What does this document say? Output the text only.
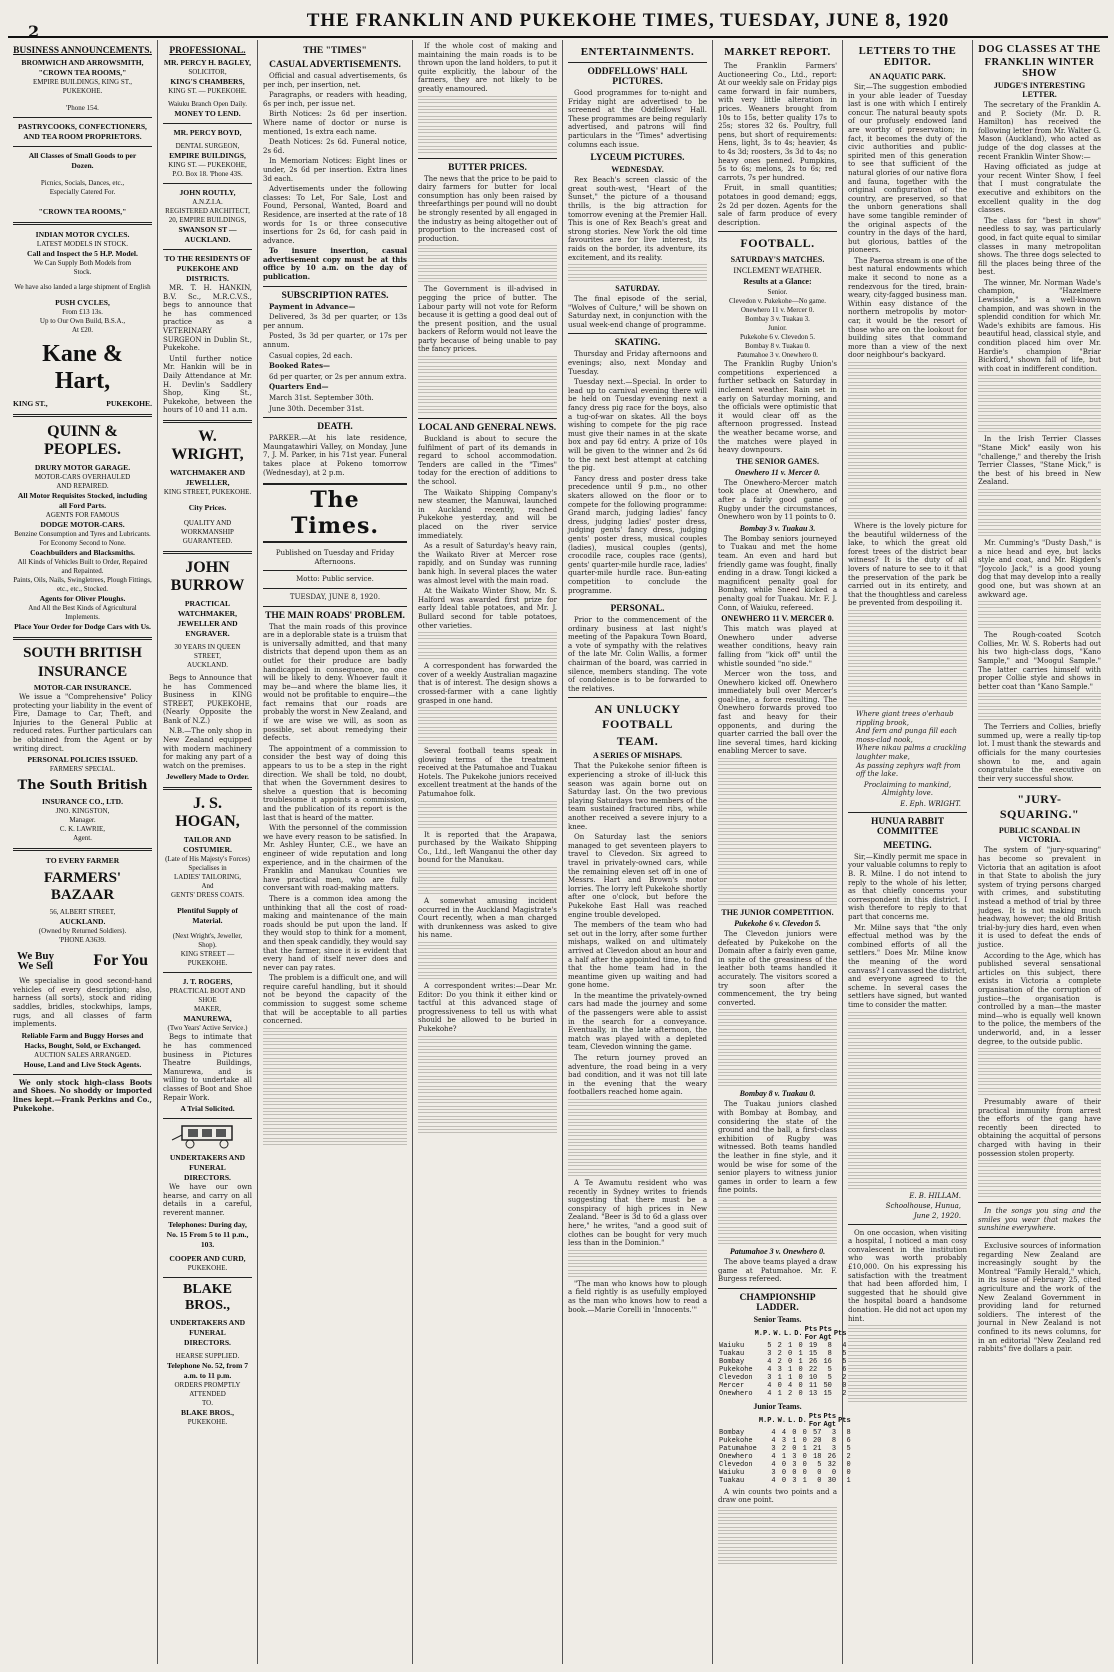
2
THE FRANKLIN AND PUKEKOHE TIMES, TUESDAY, JUNE 8, 1920
BUSINESS ANNOUNCEMENTS.
BROMWICH AND ARROWSMITH,
"CROWN TEA ROOMS,"
EMPIRE BUILDINGS, KING ST.,
PUKEKOHE.
'Phone 154.
PASTRYCOOKS, CONFECTIONERS,
AND TEA ROOM PROPRIETORS.
All Classes of Small Goods to per
Dozen.
Picnics, Socials, Dances, etc.,
Especially Catered For.
"CROWN TEA ROOMS,"
INDIAN MOTOR CYCLES.
LATEST MODELS IN STOCK.
Call and Inspect the 5 H.P. Model.
We Can Supply Both Models from
Stock.
We have also landed a large shipment of English
PUSH CYCLES,
From £13 13s.
Up to Our Own Build, B.S.A.,
At £20.
Kane & Hart,
KING ST.,	PUKEKOHE.
QUINN & PEOPLES.
DRURY MOTOR GARAGE.
MOTOR-CARS OVERHAULED
AND REPAIRED.
All Motor Requisites Stocked, including all Ford Parts.
AGENTS FOR FAMOUS
DODGE MOTOR-CARS.
Benzine Consumption and Tyres and Lubricants. For Economy Second to None.
Coachbuilders and Blacksmiths.
All Kinds of Vehicles Built to Order, Repaired and Repainted.
Paints, Oils, Nails, Swingletrees, Plough Fittings, etc., etc., Stocked.
Agents for Oliver Ploughs.
And All the Best Kinds of Agricultural Implements.
Place Your Order for Dodge Cars with Us.
SOUTH BRITISH
INSURANCE
MOTOR-CAR INSURANCE.
We issue a "Comprehensive" Policy protecting your liability in the event of Fire, Damage to Car, Theft, and Injuries to the General Public at reduced rates. Further particulars can be obtained from the Agent or by writing direct.
PERSONAL POLICIES ISSUED.
FARMERS' SPECIAL.
The South British
INSURANCE CO., LTD.
JNO. KINGSTON,
Manager.
C. K. LAWRIE,
Agent.
TO EVERY FARMER
FARMERS' BAZAAR
56, ALBERT STREET,
AUCKLAND.
(Owned by Returned Soldiers).
'PHONE A3639.
We Buy
We Sell	For You
We specialise in good second-hand vehicles of every description; also, harness (all sorts), stock and riding saddles, bridles, stockwhips, lamps, rugs, and all classes of farm implements.
Reliable Farm and Buggy Horses and Hacks, Bought, Sold, or Exchanged.
AUCTION SALES ARRANGED.
House, Land and Live Stock Agents.
We only stock high-class Boots and Shoes. No shoddy or imported lines kept.—Frank Perkins and Co., Pukekohe.
PROFESSIONAL.
MR. PERCY H. BAGLEY,
SOLICITOR,
KING'S CHAMBERS,
KING ST. — PUKEKOHE.
Waiuku Branch Open Daily.
MONEY TO LEND.
MR. PERCY BOYD,
DENTAL SURGEON,
EMPIRE BUILDINGS,
KING ST. — PUKEKOHE,
P.O. Box 18. 'Phone 43S.
JOHN ROUTLY,
A.N.Z.I.A.
REGISTERED ARCHITECT,
20, EMPIRE BUILDINGS,
SWANSON ST — AUCKLAND.
TO THE RESIDENTS OF PUKEKOHE AND DISTRICTS.
MR. T. H. HANKIN, B.V. Sc., M.R.C.V.S., begs to announce that he has commenced practice as a VETERINARY SURGEON in Dublin St., Pukekohe.
Until further notice Mr. Hankin will be in Daily Attendance at Mr. H. Devlin's Saddlery Shop, King St., Pukekohe, between the hours of 10 and 11 a.m.
W. WRIGHT,
WATCHMAKER AND JEWELLER,
KING STREET, PUKEKOHE.
City Prices.
QUALITY AND WORKMANSHIP
GUARANTEED.
JOHN BURROW
PRACTICAL WATCHMAKER,
JEWELLER AND ENGRAVER.
30 YEARS IN QUEEN STREET,
AUCKLAND.
Begs to Announce that he has Commenced Business in KING STREET, PUKEKOHE, (Nearly Opposite the Bank of N.Z.)
N.B.—The only shop in New Zealand equipped with modern machinery for making any part of a watch on the premises.
Jewellery Made to Order.
J. S. HOGAN,
TAILOR AND COSTUMIER.
(Late of His Majesty's Forces)
Specialises in
LADIES' TAILORING,
And
GENTS' DRESS COATS.
Plentiful Supply of Material.
(Next Wright's, Jeweller, Shop).
KING STREET — PUKEKOHE.
J. T. ROGERS,
PRACTICAL BOOT AND SHOE
MAKER,
MANUREWA,
(Two Years' Active Service.)
Begs to intimate that he has commenced business in Pictures Theatre Buildings, Manurewa, and is willing to undertake all classes of Boot and Shoe Repair Work.
A Trial Solicited.
UNDERTAKERS AND FUNERAL
DIRECTORS.
We have our own hearse, and carry on all details in a careful, reverent manner.
Telephones: During day, No. 15 From 5 to 11 p.m., 103.
COOPER AND CURD,
PUKEKOHE.
BLAKE BROS.,
UNDERTAKERS AND FUNERAL
DIRECTORS.
HEARSE SUPPLIED.
Telephone No. 52, from 7 a.m. to 11 p.m.
ORDERS PROMPTLY ATTENDED
TO.
BLAKE BROS.,
PUKEKOHE.
THE "TIMES"
CASUAL ADVERTISEMENTS.
Official and casual advertisements, 6s per inch, per insertion, net.
Paragraphs, or readers with heading, 6s per inch, per issue net.
Birth Notices: 2s 6d per insertion. Where name of doctor or nurse is mentioned, 1s extra each name.
Death Notices: 2s 6d. Funeral notice, 2s 6d.
In Memoriam Notices: Eight lines or under, 2s 6d per insertion. Extra lines 3d each.
Advertisements under the following classes: To Let, For Sale, Lost and Found, Personal, Wanted, Board and Residence, are inserted at the rate of 18 words for 1s or three consecutive insertions for 2s 6d, for cash paid in advance.
To insure insertion, casual advertisement copy must be at this office by 10 a.m. on the day of publication.
SUBSCRIPTION RATES.
Payment in Advance—
Delivered, 3s 3d per quarter, or 13s per annum.
Posted, 3s 3d per quarter, or 17s per annum.
Casual copies, 2d each.
Booked Rates—
6d per quarter, or 2s per annum extra.
Quarters End—
March 31st. September 30th.
June 30th. December 31st.
DEATH.
PARKER.—At his late residence, Maungatawhiri Valley, on Monday, June 7, J. M. Parker, in his 71st year. Funeral takes place at Pokeno tomorrow (Wednesday), at 2 p.m.
The Times.
Published on Tuesday and Friday Afternoons.
Motto: Public service.
TUESDAY, JUNE 8, 1920.
THE MAIN ROADS' PROBLEM.
That the main roads of this province are in a deplorable state is a truism that is universally admitted, and that many districts that depend upon them as an outlet for their produce are badly handicapped in consequence, no one will be likely to deny. Whoever fault it may be—and where the blame lies, it would not be profitable to enquire—the fact remains that our roads are probably the worst in New Zealand, and if we are wise we will, as soon as possible, set about remedying their defects.
The appointment of a commission to consider the best way of doing this appears to us to be a step in the right direction. We shall be told, no doubt, that when the Government desires to shelve a question that is becoming troublesome it appoints a commission, and the publication of its report is the last that is heard of the matter.
With the personnel of the commission we have every reason to be satisfied. In Mr. Ashley Hunter, C.E., we have an engineer of wide reputation and long experience, and in the chairmen of the Franklin and Manukau Counties we have practical men, who are fully conversant with road-making matters.
There is a common idea among the unthinking that all the cost of road-making and maintenance of the main roads should be put upon the land. If they would stop to think for a moment, and then speak candidly, they would say that the farmer, since it is evident that every hand of itself never does and never can pay rates.
The problem is a difficult one, and will require careful handling, but it should not be beyond the capacity of the commission to suggest some scheme that will be acceptable to all parties concerned.
If the whole cost of making and maintaining the main roads is to be thrown upon the land holders, to put it quite explicitly, the labour of the farmers, they are not likely to be greatly enamoured.
BUTTER PRICES.
The news that the price to be paid to dairy farmers for butter for local consumption has only been raised by threefarthings per pound will no doubt be strongly resented by all engaged in the industry as being altogether out of proportion to the increased cost of production.
The Government is ill-advised in pegging the price of butter. The Labour party will not vote for Reform because it is getting a good deal out of the present position, and the usual backers of Reform would not leave the party because of being unable to pay the fancy prices.
LOCAL AND GENERAL NEWS.
Buckland is about to secure the fulfilment of part of its demands in regard to school accommodation. Tenders are called in the "Times" today for the erection of additions to the school.
The Waikato Shipping Company's new steamer, the Manuwai, launched in Auckland recently, reached Pukekohe yesterday, and will be placed on the river service immediately.
As a result of Saturday's heavy rain, the Waikato River at Mercer rose rapidly, and on Sunday was running bank high. In several places the water was almost level with the main road.
At the Waikato Winter Show, Mr. S. Halford was awarded first prize for early Ideal table potatoes, and Mr. J. Bullard second for table potatoes, other varieties.
A correspondent has forwarded the cover of a weekly Australian magazine that is of interest. The design shows a crossed-farmer with a cane lightly grasped in one hand.
Several football teams speak in glowing terms of the treatment received at the Patumahoe and Tuakau Hotels. The Pukekohe juniors received excellent treatment at the hands of the Patumahoe folk.
It is reported that the Arapawa, purchased by the Waikato Shipping Co., Ltd., left Wanganui the other day bound for the Manukau.
A somewhat amusing incident occurred in the Auckland Magistrate's Court recently, when a man charged with drunkenness was asked to give his name.
A correspondent writes:—Dear Mr. Editor: Do you think it either kind or tactful at this advanced stage of progressiveness to tell us with what should be allowed to be buried in Pukekohe?
ENTERTAINMENTS.
ODDFELLOWS' HALL PICTURES.
Good programmes for to-night and Friday night are advertised to be screened at the Oddfellows' Hall. These programmes are being regularly advertised, and patrons will find particulars in the "Times" advertising columns each issue.
LYCEUM PICTURES.
WEDNESDAY.
Rex Beach's screen classic of the great south-west, "Heart of the Sunset," the picture of a thousand thrills, is the big attraction for tomorrow evening at the Premier Hall. This is one of Rex Beach's great and strong stories. New York the old time favourites are for live interest, its raids on the border, its adventure, its excitement, and its reality.
SATURDAY.
The final episode of the serial, "Wolves of Culture," will be shown on Saturday next, in conjunction with the usual week-end change of programme.
SKATING.
Thursday and Friday afternoons and evenings; also, next Monday and Tuesday.
Tuesday next.—Special. In order to lead up to carnival evening there will be held on Tuesday evening next a fancy dress pig race for the boys, also a tug-of-war on skates. All the boys wishing to compete for the pig race must give their names in at the skate box and pay 6d entry. A prize of 10s will be given to the winner and 2s 6d to the next best attempt at catching the pig.
Fancy dress and poster dress take precedence until 9 p.m., no other skaters allowed on the floor or to compete for the following programme: Grand march, judging ladies' fancy dress, judging ladies' poster dress, judging gents' fancy dress, judging gents' poster dress, musical couples (ladies), musical couples (gents), crocodile race, couples race (gents), gents' quarter-mile hurdle race, ladies' quarter-mile hurdle race. Bun-eating competition to conclude the programme.
PERSONAL.
Prior to the commencement of the ordinary business at last night's meeting of the Papakura Town Board, a vote of sympathy with the relatives of the late Mr. Colin Wallis, a former chairman of the board, was carried in silence, members standing. The vote of condolence is to be forwarded to the relatives.
AN UNLUCKY FOOTBALL
TEAM.
A SERIES OF MISHAPS.
That the Pukekohe senior fifteen is experiencing a stroke of ill-luck this season was again borne out on Saturday last. On the two previous playing Saturdays two members of the team sustained fractured ribs, while another received a severe injury to a knee.
On Saturday last the seniors managed to get seventeen players to travel to Clevedon. Six agreed to travel in privately-owned cars, while the remaining eleven set off in one of Messrs. Hart and Brown's motor lorries. The lorry left Pukekohe shortly after one o'clock, but before the Pukekohe East Hall was reached engine trouble developed.
The members of the team who had set out in the lorry, after some further mishaps, walked on and ultimately arrived at Clevedon about an hour and a half after the appointed time, to find that the home team had in the meantime given up waiting and had gone home.
In the meantime the privately-owned cars had made the journey and some of the passengers were able to assist in the search for a conveyance. Eventually, in the late afternoon, the match was played with a depleted team, Clevedon winning the game.
The return journey proved an adventure, the road being in a very bad condition, and it was not till late in the evening that the weary footballers reached home again.
A Te Awamutu resident who was recently in Sydney writes to friends suggesting that there must be a conspiracy of high prices in New Zealand. "Beer is 3d to 6d a glass over here," he writes, "and a good suit of clothes can be bought for very much less than in the Dominion."
"The man who knows how to plough a field rightly is as usefully employed as the man who knows how to read a book.—Marie Corelli in 'Innocents.'"
MARKET REPORT.
The Franklin Farmers' Auctioneering Co., Ltd., report: At our weekly sale on Friday pigs came forward in fair numbers, with very little alteration in prices. Weaners brought from 10s to 15s, better quality 17s to 25s; stores 32 6s. Poultry, full pens, but short of requirements: Hens, light, 3s to 4s; heavier, 4s to 4s 3d; roosters, 3s 3d to 4s; no heavy ones penned. Pumpkins, 5s to 6s; melons, 2s to 6s; red carrots, 7s per hundred.
Fruit, in small quantities; potatoes in good demand; eggs, 2s 2d per dozen. Agents for the sale of farm produce of every description.
FOOTBALL.
SATURDAY'S MATCHES.
INCLEMENT WEATHER.
Results at a Glance:
Senior.
Clevedon v. Pukekohe—No game.
Onewhero 11 v. Mercer 0.
Bombay 3 v. Tuakau 3.
Junior.
Pukekohe 6 v. Clevedon 5.
Bombay 8 v. Tuakau 0.
Patumahoe 3 v. Onewhero 0.
The Franklin Rugby Union's competitions experienced a further setback on Saturday in inclement weather. Rain set in early on Saturday morning, and the officials were optimistic that it would clear off as the afternoon progressed. Instead the weather became worse, and the matches were played in heavy downpours.
THE SENIOR GAMES.
Onewhero 11 v. Mercer 0.
The Onewhero-Mercer match took place at Onewhero, and after a fairly good game of Rugby under the circumstances, Onewhero won by 11 points to 0.
Bombay 3 v. Tuakau 3.
The Bombay seniors journeyed to Tuakau and met the home team. An even and hard but friendly game was fought, finally ending in a draw. Tongi kicked a magnificent penalty goal for Bombay, while Sneed kicked a penalty goal for Tuakau. Mr. F. J. Conn, of Waiuku, refereed.
ONEWHERO 11 V. MERCER 0.
This match was played at Onewhero under adverse weather conditions, heavy rain falling from "kick off" until the whistle sounded "no side."
Mercer won the toss, and Onewhero kicked off. Onewhero immediately bull over Mercer's goal-line, a force resulting. The Onewhero forwards proved too fast and heavy for their opponents, and during the quarter carried the ball over the line several times, hard kicking enabling Mercer to save.
THE JUNIOR COMPETITION.
Pukekohe 6 v. Clevedon 5.
The Clevedon juniors were defeated by Pukekohe on the Domain after a fairly even game, in spite of the greasiness of the leather both teams handled it accurately. The visitors scored a try soon after the commencement, the try being converted.
Bombay 8 v. Tuakau 0.
The Tuakau juniors clashed with Bombay at Bombay, and considering the state of the ground and the ball, a first-class exhibition of Rugby was witnessed. Both teams handled the leather in fine style, and it would be wise for some of the senior players to witness junior games in order to learn a few fine points.
Patumahoe 3 v. Onewhero 0.
The above teams played a draw game at Patumahoe. Mr. F. Burgess refereed.
CHAMPIONSHIP LADDER.
Senior Teams.
	M.P.	W.	L.	D.	Pts For	Pts Agt	Pts
Waiuku	5	2	1	0	19	8	4
Tuakau	3	2	0	1	15	8	5
Bombay	4	2	0	1	26	16	5
Pukekohe	4	3	1	0	22	5	6
Clevedon	3	1	1	0	10	5	2
Mercer	4	0	4	0	11	50	0
Onewhero	4	1	2	0	13	15	2
Junior Teams.
	M.P.	W.	L.	D.	Pts For	Pts Agt	Pts
Bombay	4	4	0	0	57	3	8
Pukekohe	4	3	1	0	20	8	6
Patumahoe	3	2	0	1	21	3	5
Onewhero	4	1	3	0	18	26	2
Clevedon	4	0	3	0	5	32	0
Waiuku	3	0	0	0	0	0	0
Tuakau	4	0	3	1	0	30	1
A win counts two points and a draw one point.
LETTERS TO THE EDITOR.
AN AQUATIC PARK.
Sir,—The suggestion embodied in your able leader of Tuesday last is one with which I entirely concur. The natural beauty spots of our profusely endowed land are worthy of preservation; in fact, it becomes the duty of the civic authorities and public-spirited men of this generation to see that sufficient of the natural glories of our native flora and fauna, together with the original configuration of the country, are preserved, so that the unborn generations shall have some tangible reminder of the original aspects of the country in the days of the hard, but glorious, battles of the pioneers.
The Paeroa stream is one of the best natural endowments which make it second to none as a rendezvous for the tired, brain-weary, city-fagged business man. Within easy distance of the northern metropolis by motor-car, it would be the resort of those who are on the lookout for building sites that command more than a view of the next door neighbour's backyard.
Where is the lovely picture for the beautiful wilderness of the lake, to which the great old forest trees of the district bear witness? It is the duty of all lovers of nature to see to it that the preservation of the park be carried out in its entirety, and that the thoughtless and careless be prevented from despoiling it.
Where giant trees o'erhaub rippling brook,
And fern and punga fill each moss-clad nook,
Where nikau palms a crackling laughter make,
As passing zephyrs waft from off the lake.
Proclaiming to mankind, Almighty love.
E. Eph. WRIGHT.
HUNUA RABBIT COMMITTEE
MEETING.
Sir,—Kindly permit me space in your valuable columns to reply to B. R. Milne. I do not intend to reply to the whole of his letter, as that chiefly concerns your correspondent in this district. I wish therefore to reply to that part that concerns me.
Mr. Milne says that "the only effectual method was by the combined efforts of all the settlers." Does Mr. Milne know the meaning of the word canvass? I canvassed the district, and everyone agreed to the scheme. In several cases the settlers have signed, but wanted time to consider the matter.
E. B. HILLAM.
Schoolhouse, Hunua,
June 2, 1920.
On one occasion, when visiting a hospital, I noticed a man cosy convalescent in the institution who was worth probably £10,000. On his expressing his satisfaction with the treatment that had been afforded him, I suggested that he should give the hospital board a handsome donation. He did not act upon my hint.
DOG CLASSES AT THE
FRANKLIN WINTER SHOW
JUDGE'S INTERESTING LETTER.
The secretary of the Franklin A. and P. Society (Mr. D. R. Hamilton) has received the following letter from Mr. Walter G. Mason (Auckland), who acted as judge of the dog classes at the recent Franklin Winter Show:—
Having officiated as judge at your recent Winter Show, I feel that I must congratulate the executive and exhibitors on the excellent quality in the dog classes.
The class for "best in show" needless to say, was particularly good, in fact quite equal to similar classes in many metropolitan shows. The three dogs selected to fill the places being three of the best.
The winner, Mr. Norman Wade's champion, "Hazelmere Lewisside," is a well-known champion, and was shown in the splendid condition for which Mr. Wade's exhibits are famous. His beautiful head, classical style, and condition placed him over Mr. Hardie's champion "Briar Bickford," shown fall of life, but with coat in indifferent condition.
In the Irish Terrier Classes "Stane Mick" easily won his "challenge," and thereby the Irish Terrier Classes, "Stane Mick," is the best of his breed in New Zealand.
Mr. Cumming's "Dusty Dash," is a nice head and eye, but lacks style and coat, and Mr. Rigden's "Joycolo Jack," is a good young dog that may develop into a really good one, but was shown at an awkward age.
The Rough-coated Scotch Collies, Mr. W. S. Roberts had out his two high-class dogs, "Kano Sample," and "Moogul Sample." The latter carries himself with proper Collie style and shows in better coat than "Kano Sample."
The Terriers and Collies, briefly summed up, were a really tip-top lot. I must thank the stewards and officials for the many courtesies shown to me, and again congratulate the executive on their very successful show.
"JURY-SQUARING."
PUBLIC SCANDAL IN VICTORIA.
The system of "jury-squaring" has become so prevalent in Victoria that an agitation is afoot in that State to abolish the jury system of trying persons charged with crimes, and substituting instead a method of trial by three judges. It is not making much headway, however; the old British trial-by-jury dies hard, even when it is used to defeat the ends of justice.
According to the Age, which has published several sensational articles on this subject, there exists in Victoria a complete organisation of the corruption of justice—the organisation is controlled by a man—the master mind—who is equally well known to the police, the members of the underworld, and, in a lesser degree, to the outside public.
Presumably aware of their practical immunity from arrest the efforts of the gang have recently been directed to obtaining the acquittal of persons charged with having in their possession stolen property.
In the songs you sing and the smiles you wear that makes the sunshine everywhere.
Exclusive sources of information regarding New Zealand are increasingly sought by the Montreal "Family Herald," which, in its issue of February 25, cited agriculture and the work of the New Zealand Government in providing land for returned soldiers. The interest of the journal in New Zealand is not confined to its news columns, for in an editorial "New Zealand red rabbits" five dollars a pair.
